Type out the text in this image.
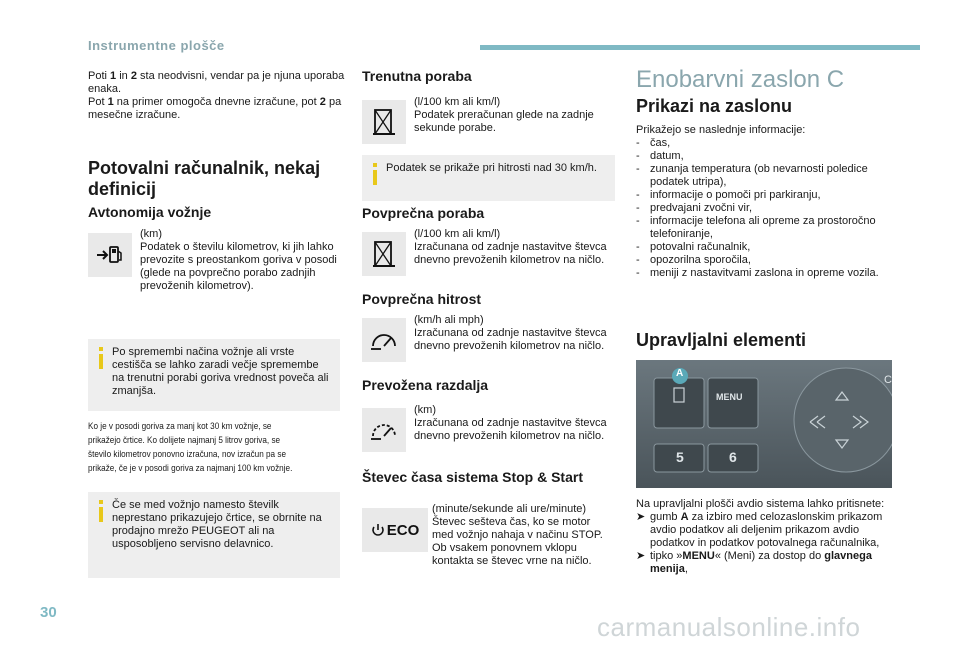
Instrumentne plošče
Poti 1 in 2 sta neodvisni, vendar pa je njuna uporaba enaka.
Pot 1 na primer omogoča dnevne izračune, pot 2 pa mesečne izračune.
Potovalni računalnik, nekaj definicij
Avtonomija vožnje
(km)
Podatek o številu kilometrov, ki jih lahko prevozite s preostankom goriva v posodi (glede na povprečno porabo zadnjih prevoženih kilometrov).
Po spremembi načina vožnje ali vrste cestišča se lahko zaradi večje spremembe na trenutni porabi goriva vrednost poveča ali zmanjša.
Ko je v posodi goriva za manj kot 30 km vožnje, se
prikažejo črtice. Ko dolijete najmanj 5 litrov goriva, se
število kilometrov ponovno izračuna, nov izračun pa se
prikaže, če je v posodi goriva za najmanj 100 km vožnje.
Če se med vožnjo namesto številk neprestano prikazujejo črtice, se obrnite na prodajno mrežo PEUGEOT ali na usposobljeno servisno delavnico.
Trenutna poraba
(l/100 km ali km/l)
Podatek preračunan glede na zadnje sekunde porabe.
Podatek se prikaže pri hitrosti nad 30 km/h.
Povprečna poraba
(l/100 km ali km/l)
Izračunana od zadnje nastavitve števca dnevno prevoženih kilometrov na ničlo.
Povprečna hitrost
(km/h ali mph)
Izračunana od zadnje nastavitve števca dnevno prevoženih kilometrov na ničlo.
Prevožena razdalja
(km)
Izračunana od zadnje nastavitve števca dnevno prevoženih kilometrov na ničlo.
Števec časa sistema Stop & Start
ECO
(minute/sekunde ali ure/minute)
Števec sešteva čas, ko se motor med vožnjo nahaja v načinu STOP.
Ob vsakem ponovnem vklopu kontakta se števec vrne na ničlo.
Enobarvni zaslon C
Prikazi na zaslonu
Prikažejo se naslednje informacije:
- čas,
- datum,
- zunanja temperatura (ob nevarnosti poledice podatek utripa),
- informacije o pomoči pri parkiranju,
- predvajani zvočni vir,
- informacije telefona ali opreme za prostoročno telefoniranje,
- potovalni računalnik,
- opozorilna sporočila,
- meniji z nastavitvami zaslona in opreme vozila.
Upravljalni elementi
A
MENU
5	6
C
Na upravljalni plošči avdio sistema lahko pritisnete:
➤ gumb A za izbiro med celozaslonskim prikazom avdio podatkov ali deljenim prikazom avdio podatkov in podatkov potovalnega računalnika,
➤ tipko »MENU« (Meni) za dostop do glavnega menija,
30	carmanualsonline.info
